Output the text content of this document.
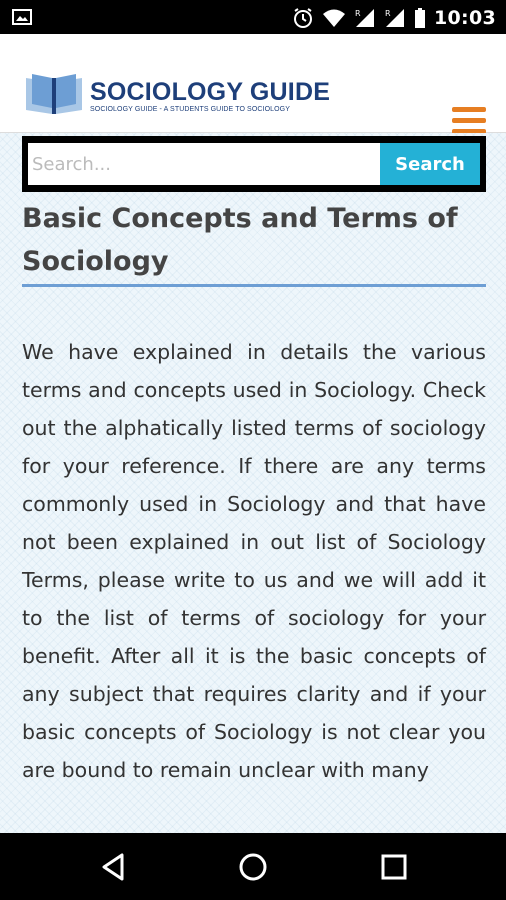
R	R 10:03
SOCIOLOGY GUIDE
SOCIOLOGY GUIDE - A STUDENTS GUIDE TO SOCIOLOGY
Search...
Search
Basic Concepts and Terms of Sociology

We have explained in details the various terms and concepts used in Sociology. Check out the alphatically listed terms of sociology for your reference. If there are any terms commonly used in Sociology and that have not been explained in out list of Sociology Terms, please write to us and we will add it to the list of terms of sociology for your benefit. After all it is the basic concepts of any subject that requires clarity and if your basic concepts of Sociology is not clear you are bound to remain unclear with many
